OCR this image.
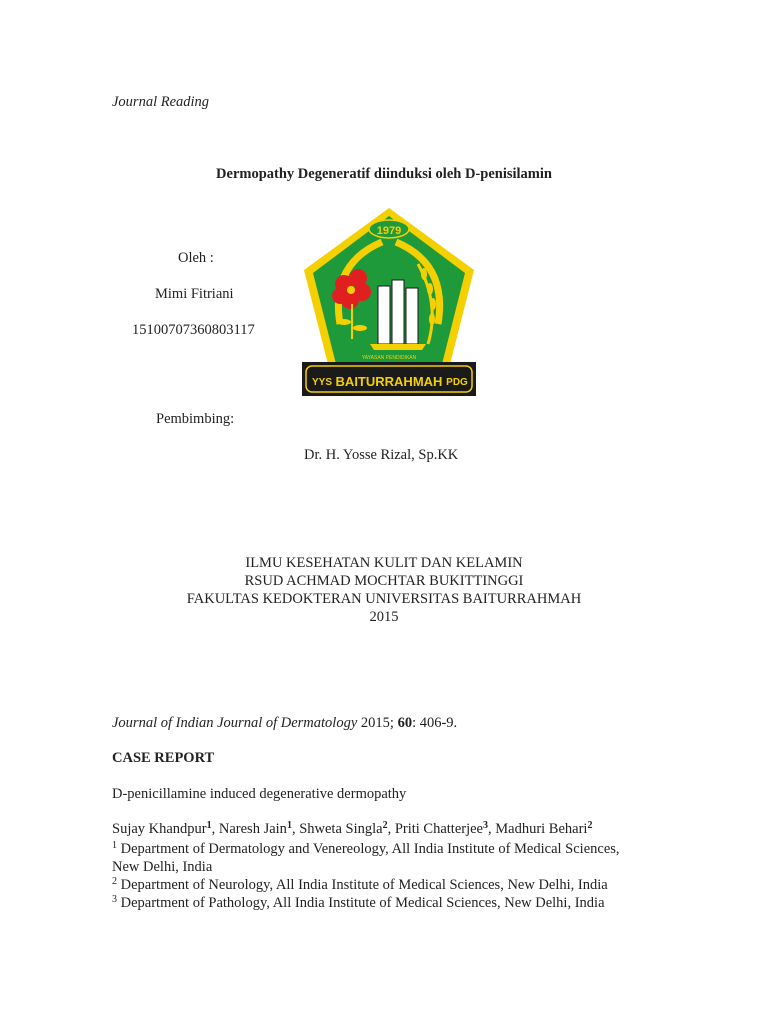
Journal Reading
Dermopathy Degeneratif diinduksi oleh D-penisilamin
Oleh :
Mimi Fitriani
15100707360803117
1979
YAYASAN PENDIDIKAN
YYS BAITURRAHMAH PDG
Pembimbing:
Dr. H. Yosse Rizal, Sp.KK
ILMU KESEHATAN KULIT DAN KELAMIN
RSUD ACHMAD MOCHTAR BUKITTINGGI
FAKULTAS KEDOKTERAN UNIVERSITAS BAITURRAHMAH
2015
Journal of Indian Journal of Dermatology 2015; 60: 406-9.
CASE REPORT
D-penicillamine induced degenerative dermopathy
Sujay Khandpur$^1$, Naresh Jain$^1$, Shweta Singla$^2$, Priti Chatterjee$^3$, Madhuri Behari$^2$
$^1$ Department of Dermatology and Venereology, All India Institute of Medical Sciences,
New Delhi, India
$^2$ Department of Neurology, All India Institute of Medical Sciences, New Delhi, India
$^3$ Department of Pathology, All India Institute of Medical Sciences, New Delhi, India
